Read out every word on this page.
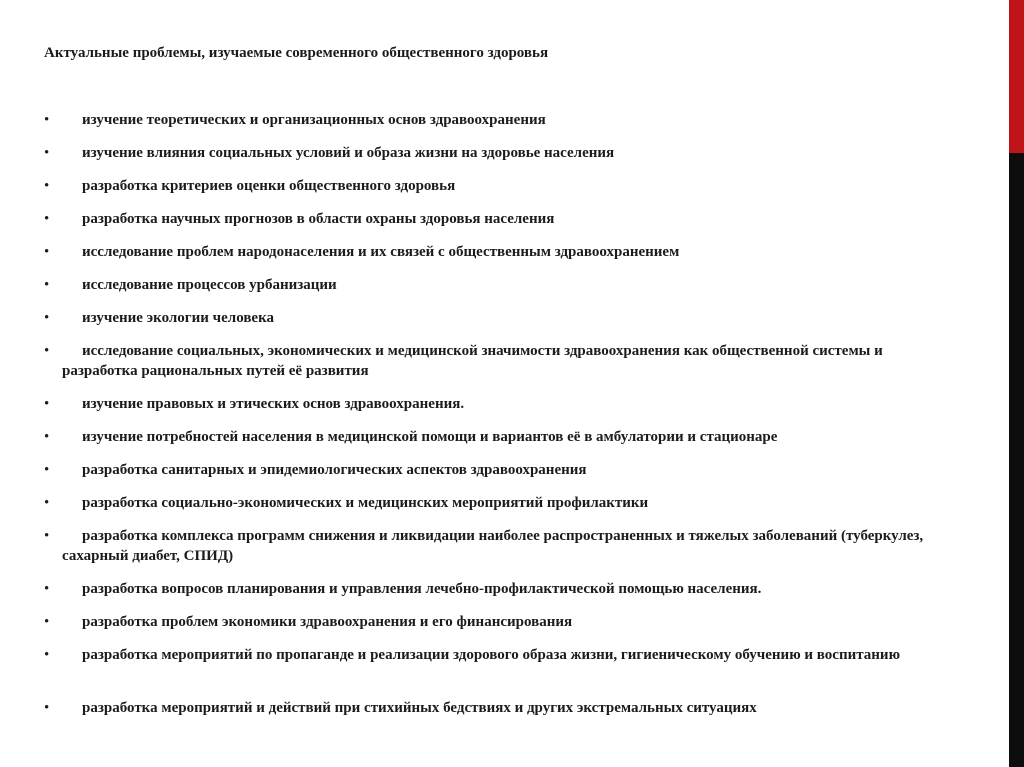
Актуальные проблемы, изучаемые современного общественного здоровья
•	изучение теоретических и организационных основ здравоохранения
•	изучение влияния социальных условий и образа жизни на здоровье населения
•	разработка критериев оценки общественного здоровья
•	разработка научных прогнозов в области охраны здоровья населения
•	исследование проблем народонаселения и их связей с общественным здравоохранением
•	исследование процессов урбанизации
•	изучение экологии человека
•	исследование социальных, экономических и медицинской значимости здравоохранения как общественной системы и разработка рациональных путей её развития
•	изучение правовых и этических основ здравоохранения.
•	изучение потребностей населения в медицинской помощи и вариантов её в амбулатории и стационаре
•	разработка санитарных и эпидемиологических аспектов здравоохранения
•	разработка социально-экономических и медицинских мероприятий профилактики
•	разработка комплекса программ снижения и ликвидации наиболее распространенных и тяжелых заболеваний (туберкулез, сахарный диабет, СПИД)
•	разработка вопросов планирования и управления лечебно-профилактической помощью населения.
•	разработка проблем экономики здравоохранения и его финансирования
•	разработка мероприятий по пропаганде и реализации здорового образа жизни, гигиеническому обучению и воспитанию
•	разработка мероприятий и действий при стихийных бедствиях и других экстремальных ситуациях
